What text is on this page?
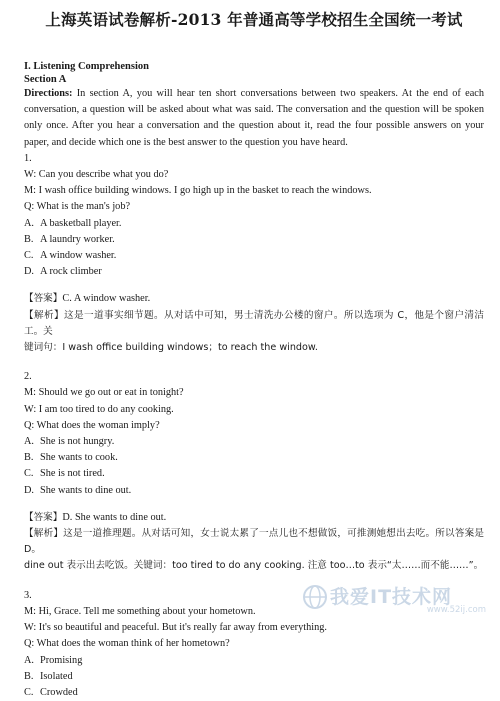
上海英语试卷解析-2013 年普通高等学校招生全国统一考试
I. Listening Comprehension
Section A

Directions: In section A, you will hear ten short conversations between two speakers. At the end of each conversation, a question will be asked about what was said. The conversation and the question will be spoken only once. After you hear a conversation and the question about it, read the four possible answers on your paper, and decide which one is the best answer to the question you have heard.

1.

W: Can you describe what you do?

M: I wash office building windows. I go high up in the basket to reach the windows.

Q: What is the man's job?

A. A basketball player.

B. A laundry worker.

C. A window washer.

D. A rock climber

【答案】C. A window washer.

【解析】这是一道事实细节题。从对话中可知，男士清洗办公楼的窗户。所以选项为 C，他是个窗户清洁工。关

键词句：I wash office building windows；to reach the window.

2.

M: Should we go out or eat in tonight?

W: I am too tired to do any cooking.

Q: What does the woman imply?

A. She is not hungry.

B. She wants to cook.

C. She is not tired.

D. She wants to dine out.

【答案】D. She wants to dine out.

【解析】这是一道推理题。从对话可知，女士说太累了一点儿也不想做饭，可推测她想出去吃。所以答案是 D。

dine out 表示出去吃饭。关键词：too tired to do any cooking. 注意 too…to 表示“太……而不能……”。

3.

M: Hi, Grace. Tell me something about your hometown.

W: It's so beautiful and peaceful. But it's really far away from everything.

Q: What does the woman think of her hometown?

A. Promising

B. Isolated

C. Crowded

我爱IT技术网
www.52ij.com
